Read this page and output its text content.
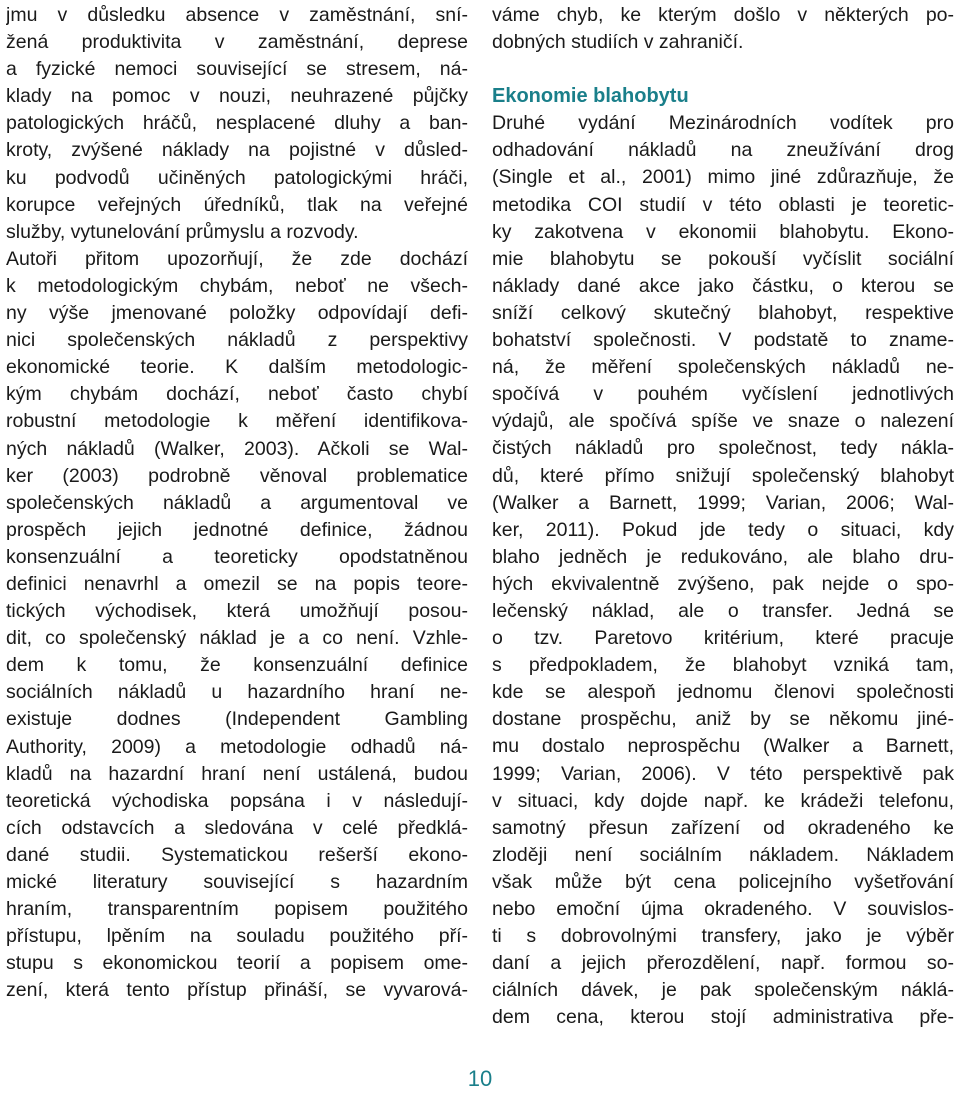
jmu v důsledku absence v zaměstnání, sní-
žená produktivita v zaměstnání, deprese
a fyzické nemoci související se stresem, ná-
klady na pomoc v nouzi, neuhrazené půjčky
patologických hráčů, nesplacené dluhy a ban-
kroty, zvýšené náklady na pojistné v důsled-
ku podvodů učiněných patologickými hráči,
korupce veřejných úředníků, tlak na veřejné
služby, vytunelování průmyslu a rozvody.
Autoři přitom upozorňují, že zde dochází
k metodologickým chybám, neboť ne všech-
ny výše jmenované položky odpovídají defi-
nici společenských nákladů z perspektivy
ekonomické teorie. K dalším metodologic-
kým chybám dochází, neboť často chybí
robustní metodologie k měření identifikova-
ných nákladů (Walker, 2003). Ačkoli se Wal-
ker (2003) podrobně věnoval problematice
společenských nákladů a argumentoval ve
prospěch jejich jednotné definice, žádnou
konsenzuální a teoreticky opodstatněnou
definici nenavrhl a omezil se na popis teore-
tických východisek, která umožňují posou-
dit, co společenský náklad je a co není. Vzhle-
dem k tomu, že konsenzuální definice
sociálních nákladů u hazardního hraní ne-
existuje dodnes (Independent Gambling
Authority, 2009) a metodologie odhadů ná-
kladů na hazardní hraní není ustálená, budou
teoretická východiska popsána i v následují-
cích odstavcích a sledována v celé předklá-
dané studii. Systematickou rešerší ekono-
mické literatury související s hazardním
hraním, transparentním popisem použitého
přístupu, lpěním na souladu použitého pří-
stupu s ekonomickou teorií a popisem ome-
zení, která tento přístup přináší, se vyvarová-
váme chyb, ke kterým došlo v některých po-
dobných studiích v zahraničí.
Ekonomie blahobytu
Druhé vydání Mezinárodních vodítek pro
odhadování nákladů na zneužívání drog
(Single et al., 2001) mimo jiné zdůrazňuje, že
metodika COI studií v této oblasti je teoretic-
ky zakotvena v ekonomii blahobytu. Ekono-
mie blahobytu se pokouší vyčíslit sociální
náklady dané akce jako částku, o kterou se
sníží celkový skutečný blahobyt, respektive
bohatství společnosti. V podstatě to zname-
ná, že měření společenských nákladů ne-
spočívá v pouhém vyčíslení jednotlivých
výdajů, ale spočívá spíše ve snaze o nalezení
čistých nákladů pro společnost, tedy nákla-
dů, které přímo snižují společenský blahobyt
(Walker a Barnett, 1999; Varian, 2006; Wal-
ker, 2011). Pokud jde tedy o situaci, kdy
blaho jedněch je redukováno, ale blaho dru-
hých ekvivalentně zvýšeno, pak nejde o spo-
lečenský náklad, ale o transfer. Jedná se
o tzv. Paretovo kritérium, které pracuje
s předpokladem, že blahobyt vzniká tam,
kde se alespoň jednomu členovi společnosti
dostane prospěchu, aniž by se někomu jiné-
mu dostalo neprospěchu (Walker a Barnett,
1999; Varian, 2006). V této perspektivě pak
v situaci, kdy dojde např. ke krádeži telefonu,
samotný přesun zařízení od okradeného ke
zloději není sociálním nákladem. Nákladem
však může být cena policejního vyšetřování
nebo emoční újma okradeného. V souvislos-
ti s dobrovolnými transfery, jako je výběr
daní a jejich přerozdělení, např. formou so-
ciálních dávek, je pak společenským náklá-
dem cena, kterou stojí administrativa pře-
10
